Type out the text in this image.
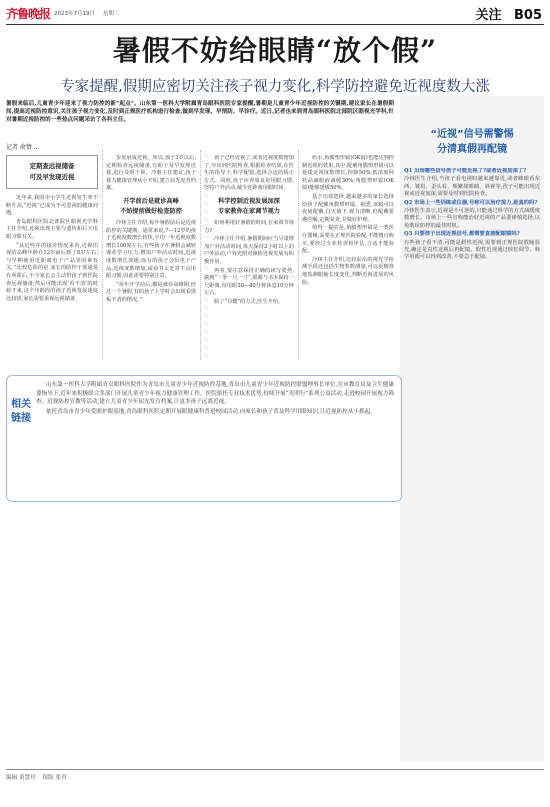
齐鲁晚报 2023年7月19日 星期三	关注 B05
暑假不妨给眼睛“放个假”
专家提醒,假期应密切关注孩子视力变化,科学防控避免近视度数大涨
暑假来临后,儿童青少年迎来了视力防控的新“起点”。山东第一医科大学附属青岛眼科医院专家提醒,暑期是儿童青少年近视防控的关键期,建议家长在暑假期间,提高近视防控意识,关注孩子视力变化,及时到正规医疗机构进行检查,做到早发现、早预防、早诊疗。近日,记者也来到青岛眼科医院北部院区眼视光学科,针对暑期近视防控的一些热点问题采访了各科主任。
记者 俞赞 ...
定期查远视储备
可及早发现近视

近年来,我国中小学生近视发生率不断升高,“近视”已成为不可忽视的健康问题。

青岛眼科医院北部院区眼视光学科主任介绍,近视出现主要与遗传和后天用眼习惯有关。

“从近些年的接诊情况来看,近视出现的高峰年龄在12岁前后到了8岁左右,与早期使用近距离电子产品等因素有关。”比较危险的是,家长的防控干预通常有所滞后,不少家长会主动带孩子到医院查远视储备,然后可能出现‘看不清’的时候才来,这个年龄段的孩子近视发展速度比较快,家长需要重视远视储备。

步发展成近视。所以,孩子3岁以后,定期检查远视储备,有助于及早发现近视,进行及时干预。冷眼主任建议,孩子视力健康管理从小开始,建立屈光发育档案。

开学前后是就诊高峰
不妨提前做好检查防控

冷林主任介绍,每年暑假前后是近视防控的关键期。通常来说,7—12岁的孩子近视度数增长较快,平均一年近视度数增长100度左右,有些孩子在暑假会减轻课业学习压力,增加户外活动时间,近视度数增长放缓;而有的孩子会玩电子产品,近视度数增加,或看书太近等不良用眼习惯,因此需要特别注意。

“每年开学前后,都是就诊高峰期,经过一个暑假,有的孩子上学时会出现看黑板不清的情况。”

孩子已经近视了,或者近视度数增加了,应该到医院检查,根据检查结果,在医生的指导下,科学配镜,选择合适的矫正方式。同时,孩子应养成良好用眼习惯,坚持户外活动,减少近距离用眼时间。

科学控制近视发展加深
专家教你在家调节视力

如何利用好暑假的时间,在家调节视力?

冷林主任介绍,暑假期间应当尽量增加户外活动时间,每天保持2小时以上的户外活动,户外光照对预防近视发展有积极作用。

再者,要注意保持正确的读写姿势,做到“一拳一尺一寸”,眼睛与书本保持一尺距离,每用眼30—40分钟休息10分钟左右。

除了“目健”的方式,医生介绍。

药水,角膜塑形镜(OK镜)也能达到控制近视的效果,其中,配戴角膜塑形镜可以延缓近视度数增长,控制50%;低浓度阿托品滴眼液减缓30%;角膜塑形镜(OK镜)能够延缓50%。

基于功效选择,越来越多的家长选择给孩子配戴角膜塑形镜。据悉,该镜可以夜间配戴,白天摘下,视力清晰,但配戴要遵医嘱,定期复查,并做好护理。

值得一提的是,角膜塑形镜是一类医疗器械,需要在正规医院验配,不能擅自购买,要经过专业检查和评估,合适才能验配。

冷林主任介绍,比较前沿的视光学检测手段还包括生物参数测量,可以更精准地监测眼轴长度变化,判断近视进展的风险。

“近视”信号需警惕
分清真假再配镜

Q1 出现哪些信号孩子可能近视了?或者近视加深了?

冷林医生介绍,当孩子看电视时越来越靠近,或者眯眼看东西、皱眉、歪头看、频繁揉眼睛、斜视等,孩子可能出现近视或近视加深,需要及时到医院检查。

Q2 市场上一些训练或仪器,号称可以治疗视力,是真的吗?

冷林医生表示,近视是不可逆的,只能通过科学的方式减缓度数增长。市场上一些宣称能治好近视的产品要谨慎选择,以免耽误防控的最佳时机。

Q3 只要孩子出现近视信号,都需要直接配眼镜吗?

有些孩子看不清,可能是假性近视,需要到正规医院散瞳验光,确定是真性近视后再配镜。假性近视通过放松调节、科学用眼可以得到改善,不要急于配镜。

相关
链接

山东第一医科大学附属青岛眼科医院作为青岛市儿童青少年近视防控基地,青岛市儿童青少年近视防控联盟理事长单位,在市教育局及卫生健康委指导下,近年来积极联合多部门开展儿童青少年视力健康管理工作。医院依托专业技术优势,持续开展“光明行”系列公益活动,走进校园开展视力筛查、近视防控宣教等活动,建立儿童青少年屈光发育档案,让更多孩子远离近视。

依托青岛市青少年爱眼护眼基地,青岛眼科医院定期开展眼健康科普进校园活动,向家长和孩子普及科学用眼知识,让近视防控从小抓起。

编辑 黄慧玲 组版 张青
